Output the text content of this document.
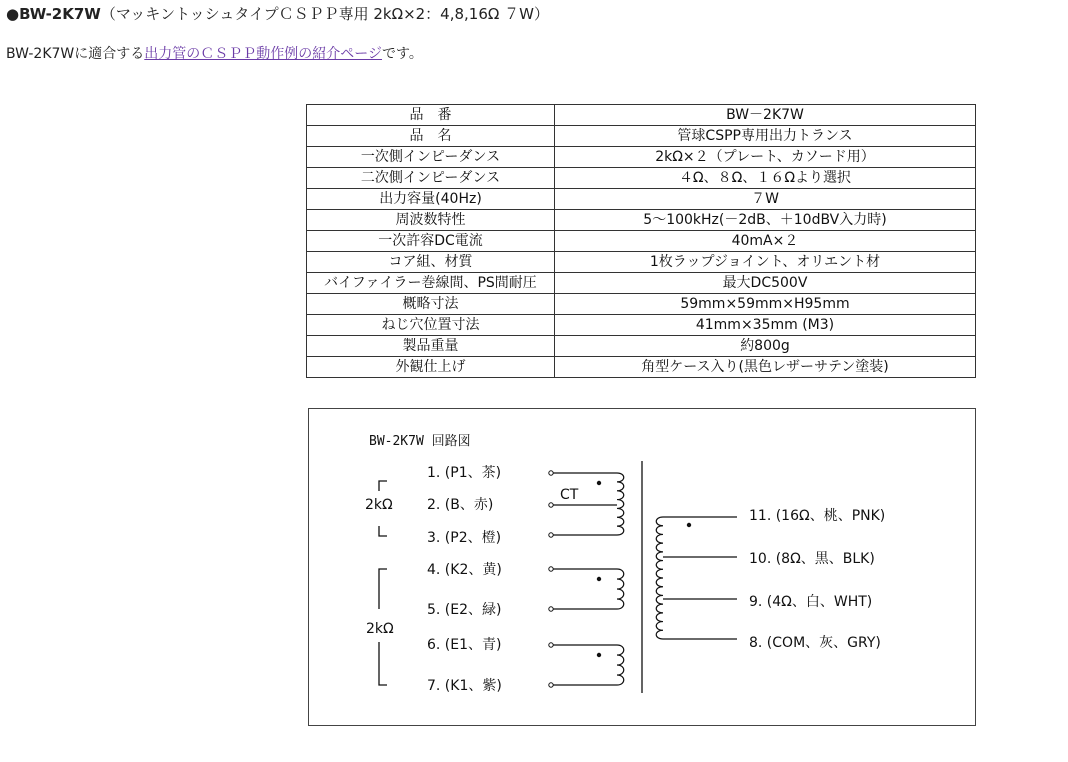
●BW-2K7W（マッキントッシュタイプＣＳＰＰ専用 2kΩ×2：4,8,16Ω ７W）
BW-2K7Wに適合する出力管のＣＳＰＰ動作例の紹介ページです。
品　番	BW－2K7W
品　名	管球CSPP専用出力トランス
一次側インピーダンス	2kΩ×２（プレート、カソード用）
二次側インピーダンス	４Ω、８Ω、１６Ωより選択
出力容量(40Hz)	７W
周波数特性	5～100kHz(－2dB、＋10dBV入力時)
一次許容DC電流	40mA×２
コア組、材質	1枚ラップジョイント、オリエント材
バイファイラー巻線間、PS間耐圧	最大DC500V
概略寸法	59mm×59mm×H95mm
ねじ穴位置寸法	41mm×35mm (M3)
製品重量	約800g
外観仕上げ	角型ケース入り(黒色レザーサテン塗装)
BW-2K7W 回路図
2kΩ
2kΩ
1. (P1、茶)
2. (B、赤)
3. (P2、橙)
4. (K2、黄)
5. (E2、緑)
6. (E1、青)
7. (K1、紫)
CT
11. (16Ω、桃、PNK)
10. (8Ω、黒、BLK)
9. (4Ω、白、WHT)
8. (COM、灰、GRY)
